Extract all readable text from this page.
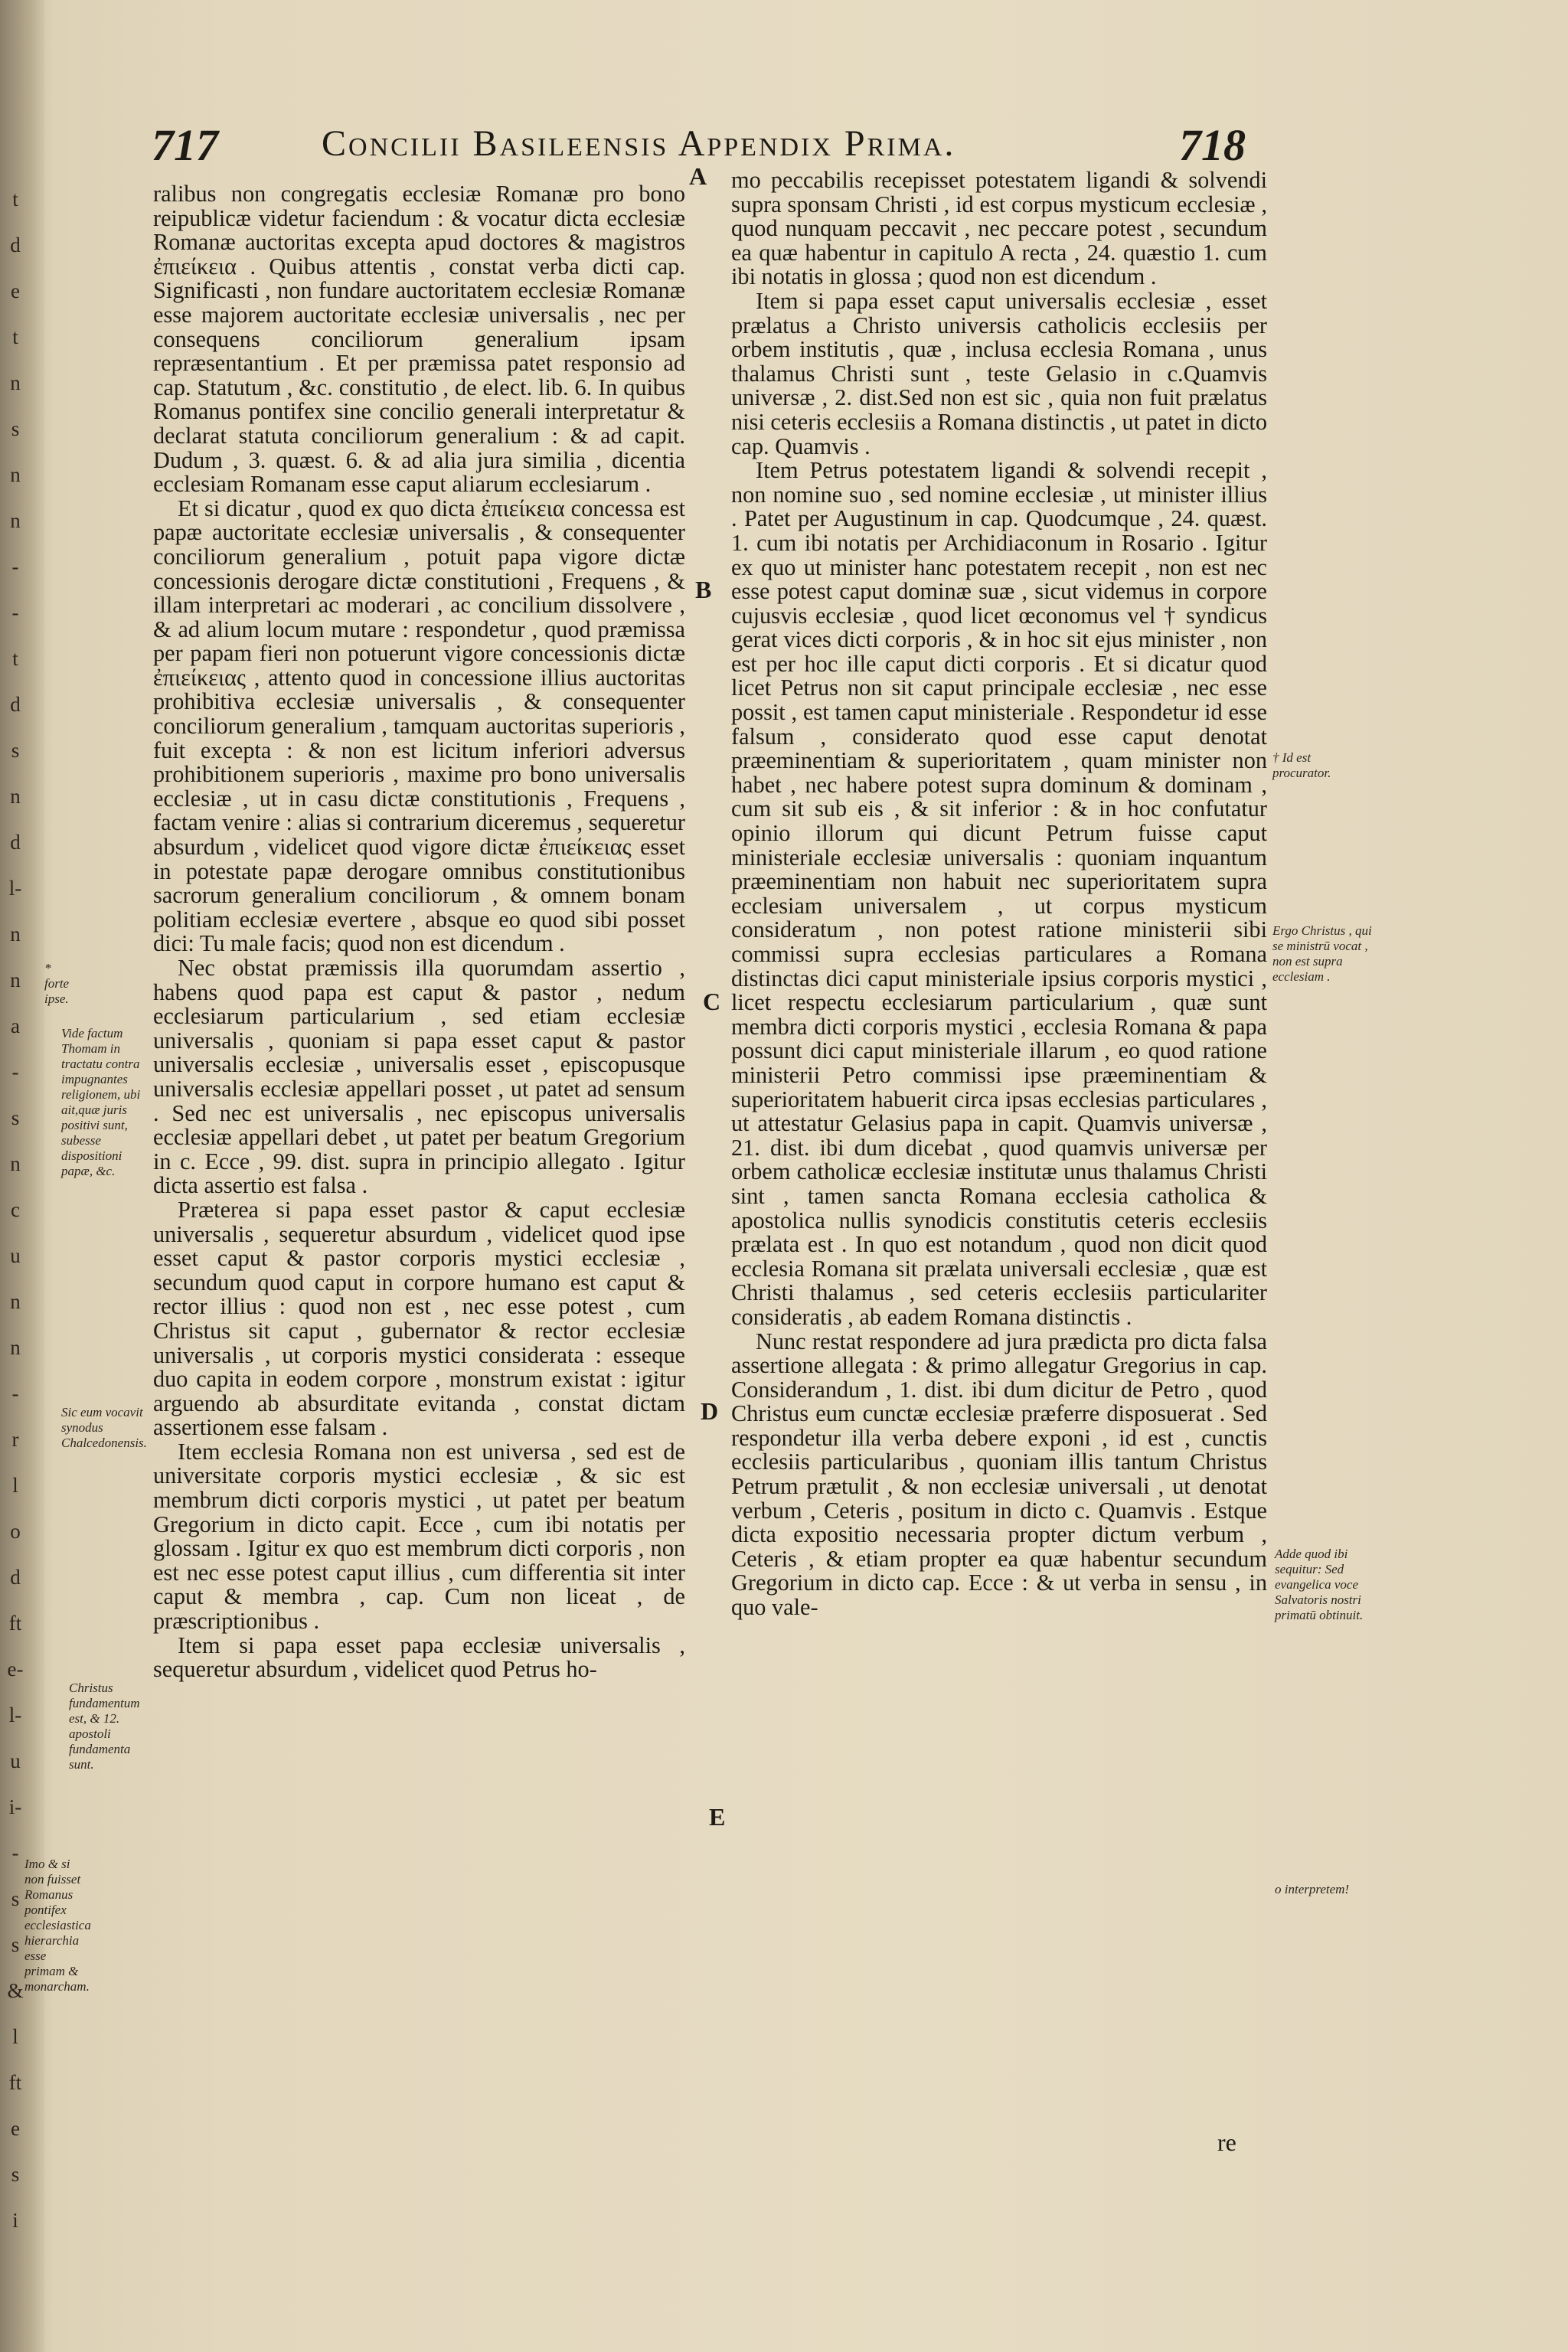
t
d
e
t
n
s
n
n
-
-
t
d
s
n
d
l-
n
n
a
-
s
n
c
u
n
n
-
r
l
o
d
ft
e-
l-
u
i-
-
s
s
&
l
ft
e
s
i
717	Concilii Basileensis Appendix Prima.	718

ralibus non congregatis ecclesiæ Romanæ pro bono reipublicæ videtur faciendum : & vocatur dicta ecclesiæ Romanæ auctoritas excepta apud doctores & magistros ἐπιείκεια . Quibus attentis , constat verba dicti cap. Significasti , non fundare auctoritatem ecclesiæ Romanæ esse majorem auctoritate ecclesiæ universalis , nec per consequens conciliorum generalium ipsam repræsentantium . Et per præmissa patet responsio ad cap. Statutum , &c. constitutio , de elect. lib. 6. In quibus Romanus pontifex sine concilio generali interpretatur & declarat statuta conciliorum generalium : & ad capit. Dudum , 3. quæst. 6. & ad alia jura similia , dicentia ecclesiam Romanam esse caput aliarum ecclesiarum .

Et si dicatur , quod ex quo dicta ἐπιείκεια concessa est papæ auctoritate ecclesiæ universalis , & consequenter conciliorum generalium , potuit papa vigore dictæ concessionis derogare dictæ constitutioni , Frequens , & illam interpretari ac moderari , ac concilium dissolvere , & ad alium locum mutare : respondetur , quod præmissa per papam fieri non potuerunt vigore concessionis dictæ ἐπιείκειας , attento quod in concessione illius auctoritas prohibitiva ecclesiæ universalis , & consequenter conciliorum generalium , tamquam auctoritas superioris , fuit excepta : & non est licitum inferiori adversus prohibitionem superioris , maxime pro bono universalis ecclesiæ , ut in casu dictæ constitutionis , Frequens , factam venire : alias si contrarium diceremus , sequeretur absurdum , videlicet quod vigore dictæ ἐπιείκειας esset in potestate papæ derogare omnibus constitutionibus sacrorum generalium conciliorum , & omnem bonam politiam ecclesiæ evertere , absque eo quod sibi posset dici: Tu male facis; quod non est dicendum .

Nec obstat præmissis illa quorumdam assertio , habens quod papa est caput & pastor , nedum ecclesiarum particularium , sed etiam ecclesiæ universalis , quoniam si papa esset caput & pastor universalis ecclesiæ , universalis esset , episcopusque universalis ecclesiæ appellari posset , ut patet ad sensum . Sed nec est universalis , nec episcopus universalis ecclesiæ appellari debet , ut patet per beatum Gregorium in c. Ecce , 99. dist. supra in principio allegato . Igitur dicta assertio est falsa .

Præterea si papa esset pastor & caput ecclesiæ universalis , sequeretur absurdum , videlicet quod ipse esset caput & pastor corporis mystici ecclesiæ , secundum quod caput in corpore humano est caput & rector illius : quod non est , nec esse potest , cum Christus sit caput , gubernator & rector ecclesiæ universalis , ut corporis mystici considerata : esseque duo capita in eodem corpore , monstrum existat : igitur arguendo ab absurditate evitanda , constat dictam assertionem esse falsam .

Item ecclesia Romana non est universa , sed est de universitate corporis mystici ecclesiæ , & sic est membrum dicti corporis mystici , ut patet per beatum Gregorium in dicto capit. Ecce , cum ibi notatis per glossam . Igitur ex quo est membrum dicti corporis , non est nec esse potest caput illius , cum differentia sit inter caput & membra , cap. Cum non liceat , de præscriptionibus .

Item si papa esset papa ecclesiæ universalis , sequeretur absurdum , videlicet quod Petrus ho-

mo peccabilis recepisset potestatem ligandi & solvendi supra sponsam Christi , id est corpus mysticum ecclesiæ , quod nunquam peccavit , nec peccare potest , secundum ea quæ habentur in capitulo A recta , 24. quæstio 1. cum ibi notatis in glossa ; quod non est dicendum .

Item si papa esset caput universalis ecclesiæ , esset prælatus a Christo universis catholicis ecclesiis per orbem institutis , quæ , inclusa ecclesia Romana , unus thalamus Christi sunt , teste Gelasio in c.Quamvis universæ , 2. dist.Sed non est sic , quia non fuit prælatus nisi ceteris ecclesiis a Romana distinctis , ut patet in dicto cap. Quamvis .

Item Petrus potestatem ligandi & solvendi recepit , non nomine suo , sed nomine ecclesiæ , ut minister illius . Patet per Augustinum in cap. Quodcumque , 24. quæst. 1. cum ibi notatis per Archidiaconum in Rosario . Igitur ex quo ut minister hanc potestatem recepit , non est nec esse potest caput dominæ suæ , sicut videmus in corpore cujusvis ecclesiæ , quod licet œconomus vel † syndicus gerat vices dicti corporis , & in hoc sit ejus minister , non est per hoc ille caput dicti corporis . Et si dicatur quod licet Petrus non sit caput principale ecclesiæ , nec esse possit , est tamen caput ministeriale . Respondetur id esse falsum , considerato quod esse caput denotat præeminentiam & superioritatem , quam minister non habet , nec habere potest supra dominum & dominam , cum sit sub eis , & sit inferior : & in hoc confutatur opinio illorum qui dicunt Petrum fuisse caput ministeriale ecclesiæ universalis : quoniam inquantum præeminentiam non habuit nec superioritatem supra ecclesiam universalem , ut corpus mysticum consideratum , non potest ratione ministerii sibi commissi supra ecclesias particulares a Romana distinctas dici caput ministeriale ipsius corporis mystici , licet respectu ecclesiarum particularium , quæ sunt membra dicti corporis mystici , ecclesia Romana & papa possunt dici caput ministeriale illarum , eo quod ratione ministerii Petro commissi ipse præeminentiam & superioritatem habuerit circa ipsas ecclesias particulares , ut attestatur Gelasius papa in capit. Quamvis universæ , 21. dist. ibi dum dicebat , quod quamvis universæ per orbem catholicæ ecclesiæ institutæ unus thalamus Christi sint , tamen sancta Romana ecclesia catholica & apostolica nullis synodicis constitutis ceteris ecclesiis prælata est . In quo est notandum , quod non dicit quod ecclesia Romana sit prælata universali ecclesiæ , quæ est Christi thalamus , sed ceteris ecclesiis particulariter consideratis , ab eadem Romana distinctis .

Nunc restat respondere ad jura prædicta pro dicta falsa assertione allegata : & primo allegatur Gregorius in cap. Considerandum , 1. dist. ibi dum dicitur de Petro , quod Christus eum cunctæ ecclesiæ præferre disposuerat . Sed respondetur illa verba debere exponi , id est , cunctis ecclesiis particularibus , quoniam illis tantum Christus Petrum prætulit , & non ecclesiæ universali , ut denotat verbum , Ceteris , positum in dicto c. Quamvis . Estque dicta expositio necessaria propter dictum verbum , Ceteris , & etiam propter ea quæ habentur secundum Gregorium in dicto cap. Ecce : & ut verba in sensu , in quo vale-

A
B
C
D
E
* forte ipse.
Vide factum Thomam in tractatu contra impugnantes religionem, ubi ait,quæ juris positivi sunt, subesse dispositioni papæ, &c.
Sic eum vocavit synodus Chalcedonensis.
Christus fundamentum est, & 12. apostoli fundamenta sunt.
Imo & si non fuisset Romanus pontifex ecclesiastica hierarchia esse primam & monarcham.
† Id est procurator.
Ergo Christus , qui se ministrū vocat , non est supra ecclesiam .
Adde quod ibi sequitur: Sed evangelica voce Salvatoris nostri primatū obtinuit.
o interpretem!
re
